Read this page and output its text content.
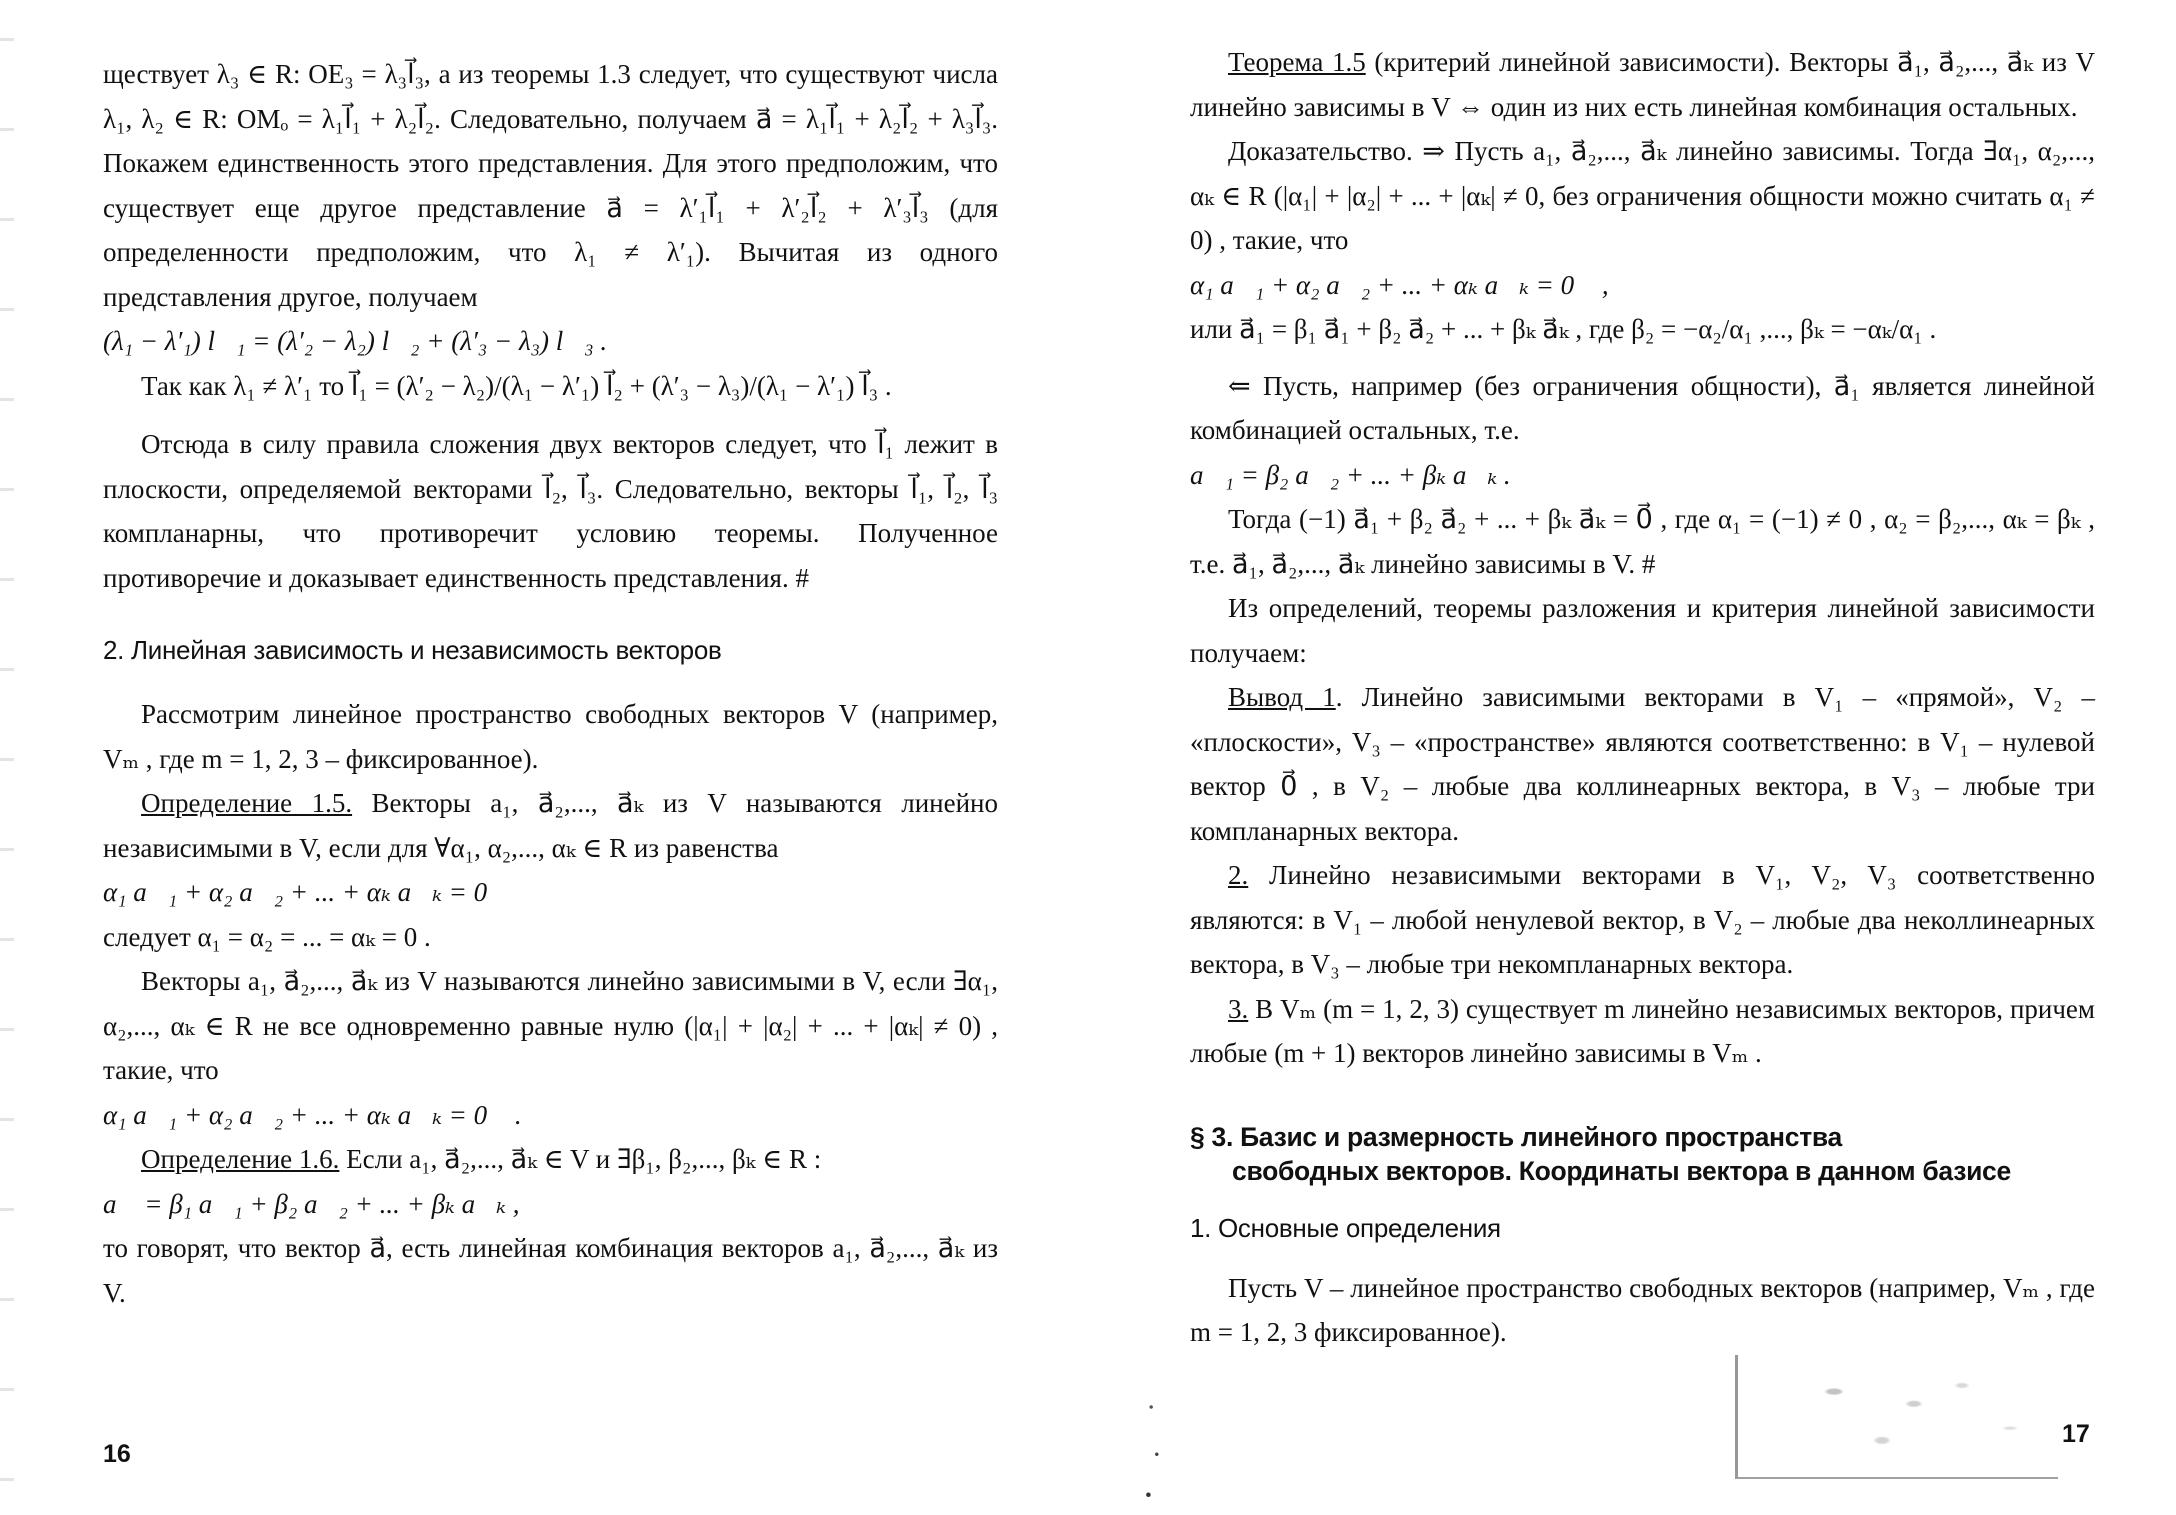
ществует λ₃ ∈ R: OE₃ = λ₃l⃗₃, а из теоремы 1.3 следует, что существуют числа λ₁, λ₂ ∈ R: OMₒ = λ₁l⃗₁ + λ₂l⃗₂. Следовательно, получаем a⃗ = λ₁l⃗₁ + λ₂l⃗₂ + λ₃l⃗₃. Покажем единственность этого представления. Для этого предположим, что существует еще другое представление a⃗ = λ′₁l⃗₁ + λ′₂l⃗₂ + λ′₃l⃗₃ (для определенности предположим, что λ₁ ≠ λ′₁). Вычитая из одного представления другое, получаем

(λ₁ − λ′₁) l⃗₁ = (λ′₂ − λ₂) l⃗₂ + (λ′₃ − λ₃) l⃗₃ .

Так как λ₁ ≠ λ′₁ то l⃗₁ = (λ′₂ − λ₂)/(λ₁ − λ′₁) l⃗₂ + (λ′₃ − λ₃)/(λ₁ − λ′₁) l⃗₃ .

Отсюда в силу правила сложения двух векторов следует, что l⃗₁ лежит в плоскости, определяемой векторами l⃗₂, l⃗₃. Следовательно, векторы l⃗₁, l⃗₂, l⃗₃ компланарны, что противоречит условию теоремы. Полученное противоречие и доказывает единственность представления. #

2. Линейная зависимость и независимость векторов

Рассмотрим линейное пространство свободных векторов V (например, Vₘ , где m = 1, 2, 3 – фиксированное).

Определение 1.5. Векторы a₁, a⃗₂,..., a⃗ₖ из V называются линейно независимыми в V, если для ∀α₁, α₂,..., αₖ ∈ R из равенства

α₁ a⃗₁ + α₂ a⃗₂ + ... + αₖ a⃗ₖ = 0⃗

следует α₁ = α₂ = ... = αₖ = 0 .

Векторы a₁, a⃗₂,..., a⃗ₖ из V называются линейно зависимыми в V, если ∃α₁, α₂,..., αₖ ∈ R не все одновременно равные нулю (|α₁| + |α₂| + ... + |αₖ| ≠ 0) , такие, что

α₁ a⃗₁ + α₂ a⃗₂ + ... + αₖ a⃗ₖ = 0⃗ .

Определение 1.6. Если a₁, a⃗₂,..., a⃗ₖ ∈ V и ∃β₁, β₂,..., βₖ ∈ R :

a⃗ = β₁ a⃗₁ + β₂ a⃗₂ + ... + βₖ a⃗ₖ ,

то говорят, что вектор a⃗, есть линейная комбинация векторов a₁, a⃗₂,..., a⃗ₖ из V.

16

Теорема 1.5 (критерий линейной зависимости). Векторы a⃗₁, a⃗₂,..., a⃗ₖ из V линейно зависимы в V ⇔ один из них есть линейная комбинация остальных.

Доказательство. ⇒ Пусть a₁, a⃗₂,..., a⃗ₖ линейно зависимы. Тогда ∃α₁, α₂,..., αₖ ∈ R (|α₁| + |α₂| + ... + |αₖ| ≠ 0, без ограничения общности можно считать α₁ ≠ 0) , такие, что

α₁ a⃗₁ + α₂ a⃗₂ + ... + αₖ a⃗ₖ = 0⃗ ,

или a⃗₁ = β₁ a⃗₁ + β₂ a⃗₂ + ... + βₖ a⃗ₖ , где β₂ = −α₂/α₁ ,..., βₖ = −αₖ/α₁ .

⇐ Пусть, например (без ограничения общности), a⃗₁ является линейной комбинацией остальных, т.е.

a⃗₁ = β₂ a⃗₂ + ... + βₖ a⃗ₖ .

Тогда (−1) a⃗₁ + β₂ a⃗₂ + ... + βₖ a⃗ₖ = 0⃗ , где α₁ = (−1) ≠ 0 , α₂ = β₂,..., αₖ = βₖ , т.е. a⃗₁, a⃗₂,..., a⃗ₖ линейно зависимы в V. #

Из определений, теоремы разложения и критерия линейной зависимости получаем:

Вывод 1. Линейно зависимыми векторами в V₁ – «прямой», V₂ – «плоскости», V₃ – «пространстве» являются соответственно: в V₁ – нулевой вектор 0⃗ , в V₂ – любые два коллинеарных вектора, в V₃ – любые три компланарных вектора.

2. Линейно независимыми векторами в V₁, V₂, V₃ соответственно являются: в V₁ – любой ненулевой вектор, в V₂ – любые два неколлинеарных вектора, в V₃ – любые три некомпланарных вектора.

3. В Vₘ (m = 1, 2, 3) существует m линейно независимых векторов, причем любые (m + 1) векторов линейно зависимы в Vₘ .

§ 3. Базис и размерность линейного пространства
свободных векторов. Координаты вектора в данном базисе
1. Основные определения

Пусть V – линейное пространство свободных векторов (например, Vₘ , где m = 1, 2, 3 фиксированное).

17
